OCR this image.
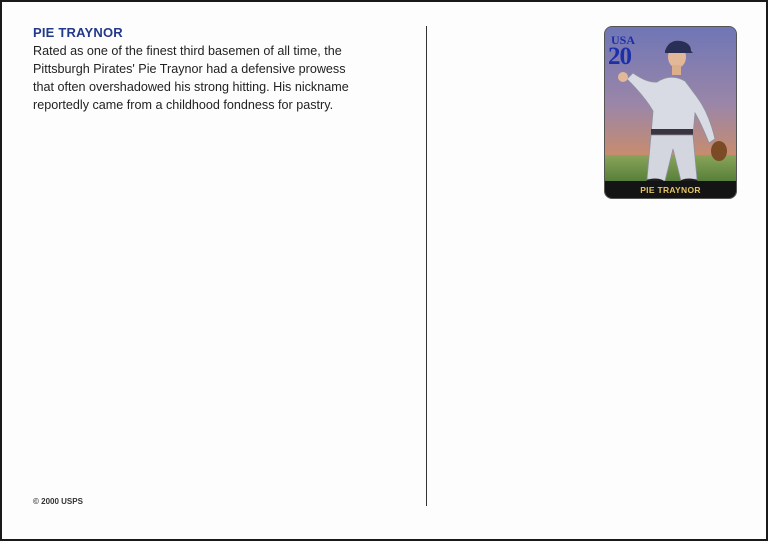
PIE TRAYNOR
Rated as one of the finest third basemen of all time, the
Pittsburgh Pirates' Pie Traynor had a defensive prowess
that often overshadowed his strong hitting. His nickname
reportedly came from a childhood fondness for pastry.
© 2000 USPS
USA
20
PIE TRAYNOR
